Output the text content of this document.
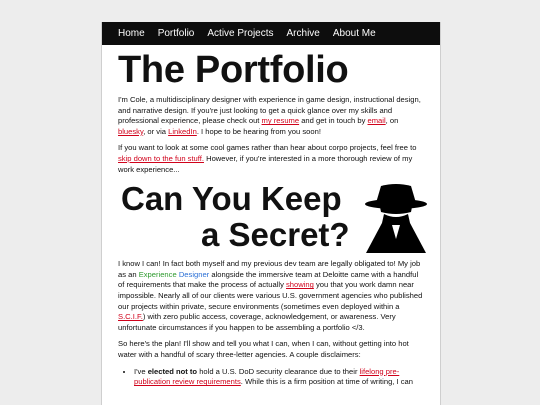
Home Portfolio Active Projects Archive About Me
The Portfolio

I'm Cole, a multidisciplinary designer with experience in game design, instructional design, and narrative design. If you're just looking to get a quick glance over my skills and professional experience, please check out my resume and get in touch by email, on bluesky, or via LinkedIn. I hope to be hearing from you soon!

If you want to look at some cool games rather than hear about corpo projects, feel free to skip down to the fun stuff. However, if you're interested in a more thorough review of my work experience...

Can You Keep
a Secret?

I know I can! In fact both myself and my previous dev team are legally obligated to! My job as an Experience Designer alongside the immersive team at Deloitte came with a handful of requirements that make the process of actually showing you that you work damn near impossible. Nearly all of our clients were various U.S. government agencies who published our projects within private, secure environments (sometimes even deployed within a S.C.I.F.) with zero public access, coverage, acknowledgement, or awareness. Very unfortunate circumstances if you happen to be assembling a portfolio </3.

So here's the plan! I'll show and tell you what I can, when I can, without getting into hot water with a handful of scary three-letter agencies. A couple disclaimers:

• I've elected not to hold a U.S. DoD security clearance due to their lifelong pre-publication review requirements. While this is a firm position at time of writing, I can
